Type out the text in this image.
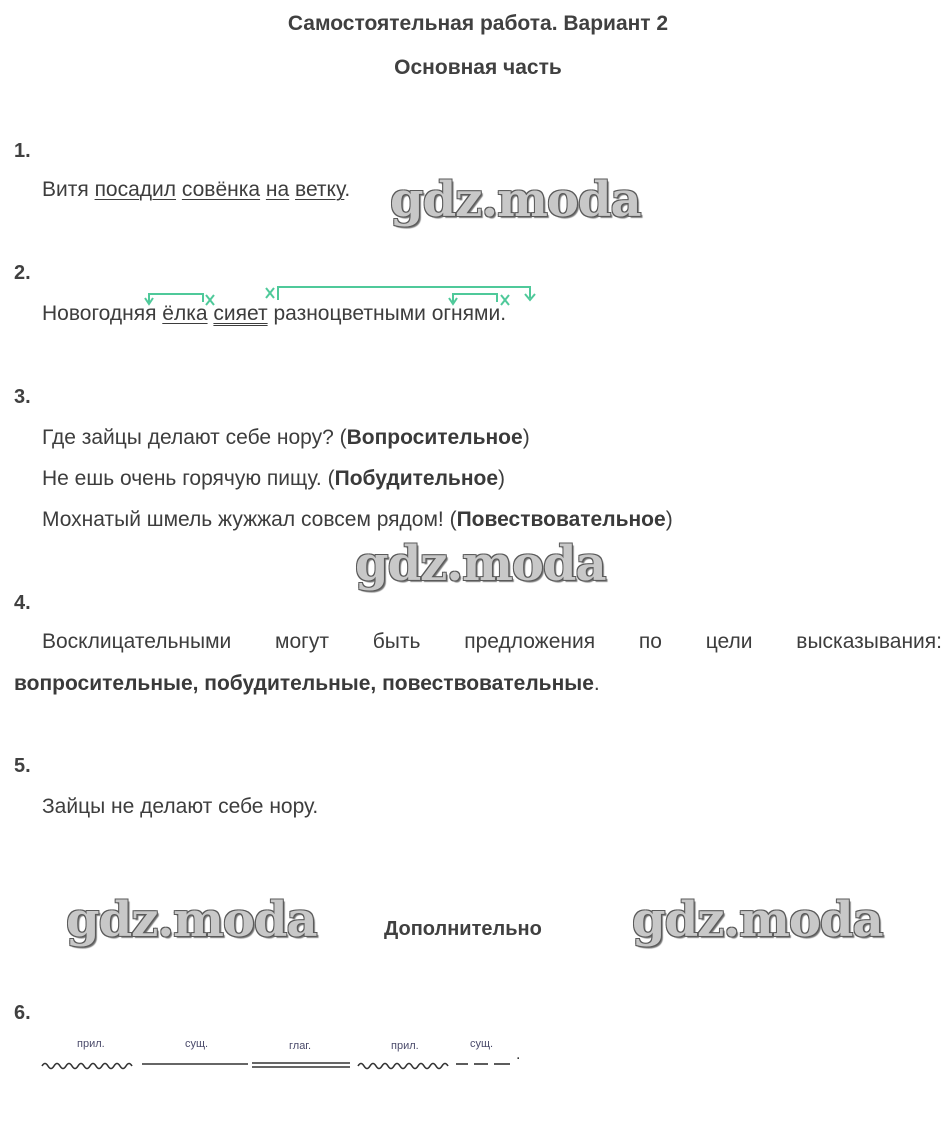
Самостоятельная работа. Вариант 2
Основная часть
1.
Витя посадил совёнка на ветку. gdz.moda
2.
Новогодняя ёлка сияет разноцветными огнями.
3.
Где зайцы делают себе нору? (Вопросительное)
Не ешь очень горячую пищу. (Побудительное)
Мохнатый шмель жужжал совсем рядом! (Повествовательное)
gdz.moda
4.
Восклицательными могут быть предложения по цели высказывания:
вопросительные, побудительные, повествовательные.
5.
Зайцы не делают себе нору.
gdz.moda	Дополнительно gdz.moda
6.
прил.	сущ.	глаг.	прил.	сущ.
.
